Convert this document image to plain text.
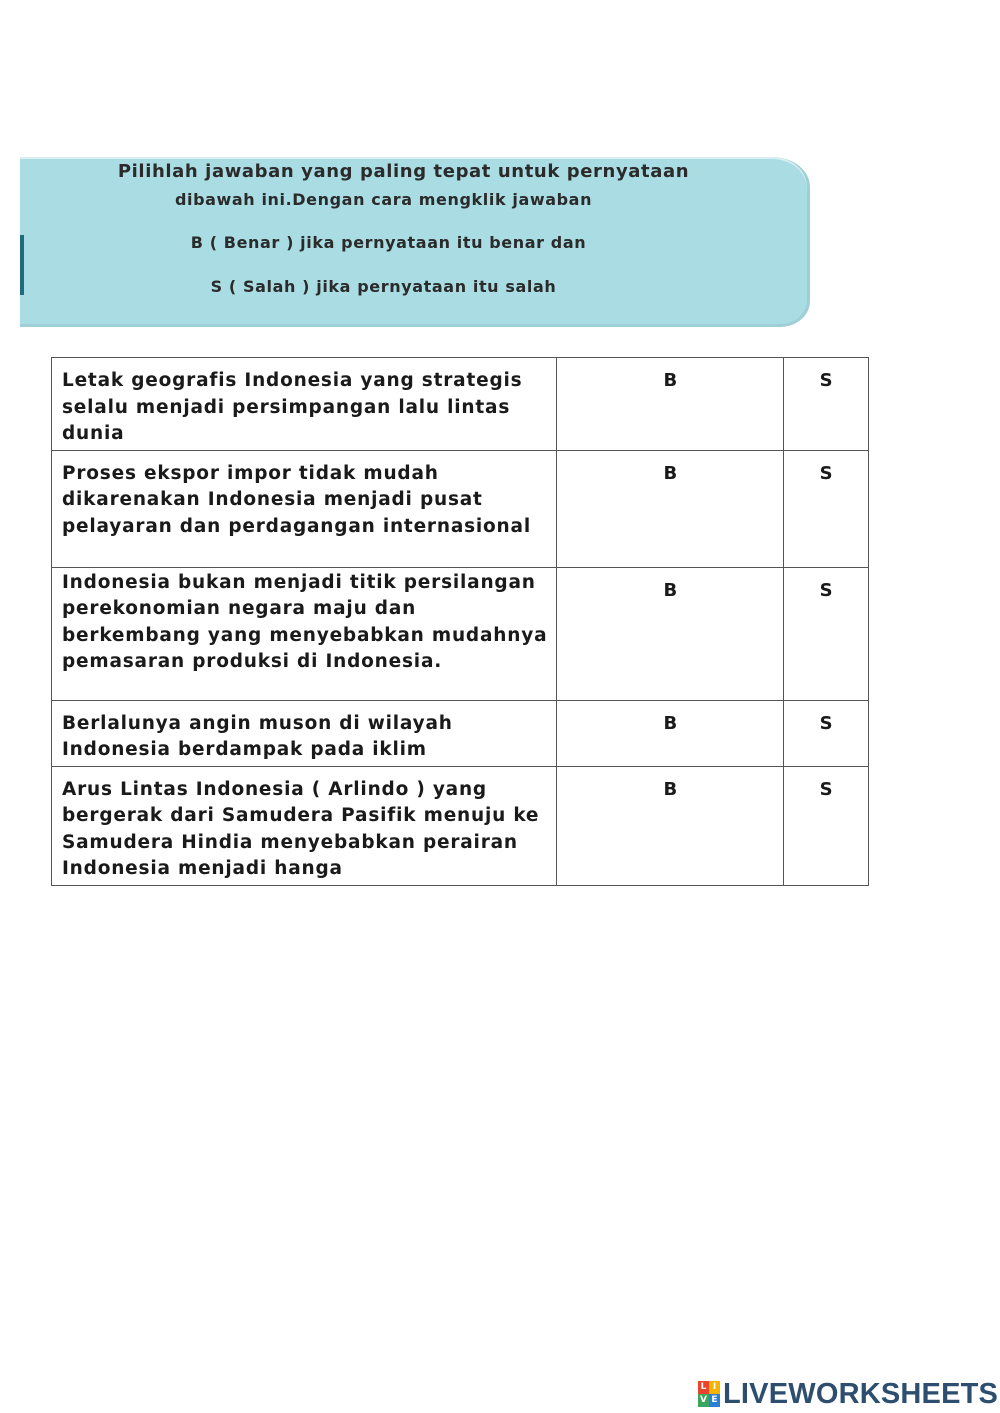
Pilihlah jawaban yang paling tepat untuk pernyataan
dibawah ini.Dengan cara mengklik jawaban
B ( Benar ) jika pernyataan itu benar dan
S ( Salah ) jika pernyataan itu salah
Letak geografis Indonesia yang strategis selalu menjadi persimpangan lalu lintas dunia	B	S
Proses ekspor impor tidak mudah dikarenakan Indonesia menjadi pusat pelayaran dan perdagangan internasional	B	S
Indonesia bukan menjadi titik persilangan perekonomian negara maju dan berkembang yang menyebabkan mudahnya pemasaran produksi di Indonesia.	B	S
Berlalunya angin muson di wilayah Indonesia berdampak pada iklim	B	S
Arus Lintas Indonesia ( Arlindo ) yang bergerak dari Samudera Pasifik menuju ke Samudera Hindia menyebabkan perairan Indonesia menjadi hanga	B	S
L I
V E LIVEWORKSHEETS
